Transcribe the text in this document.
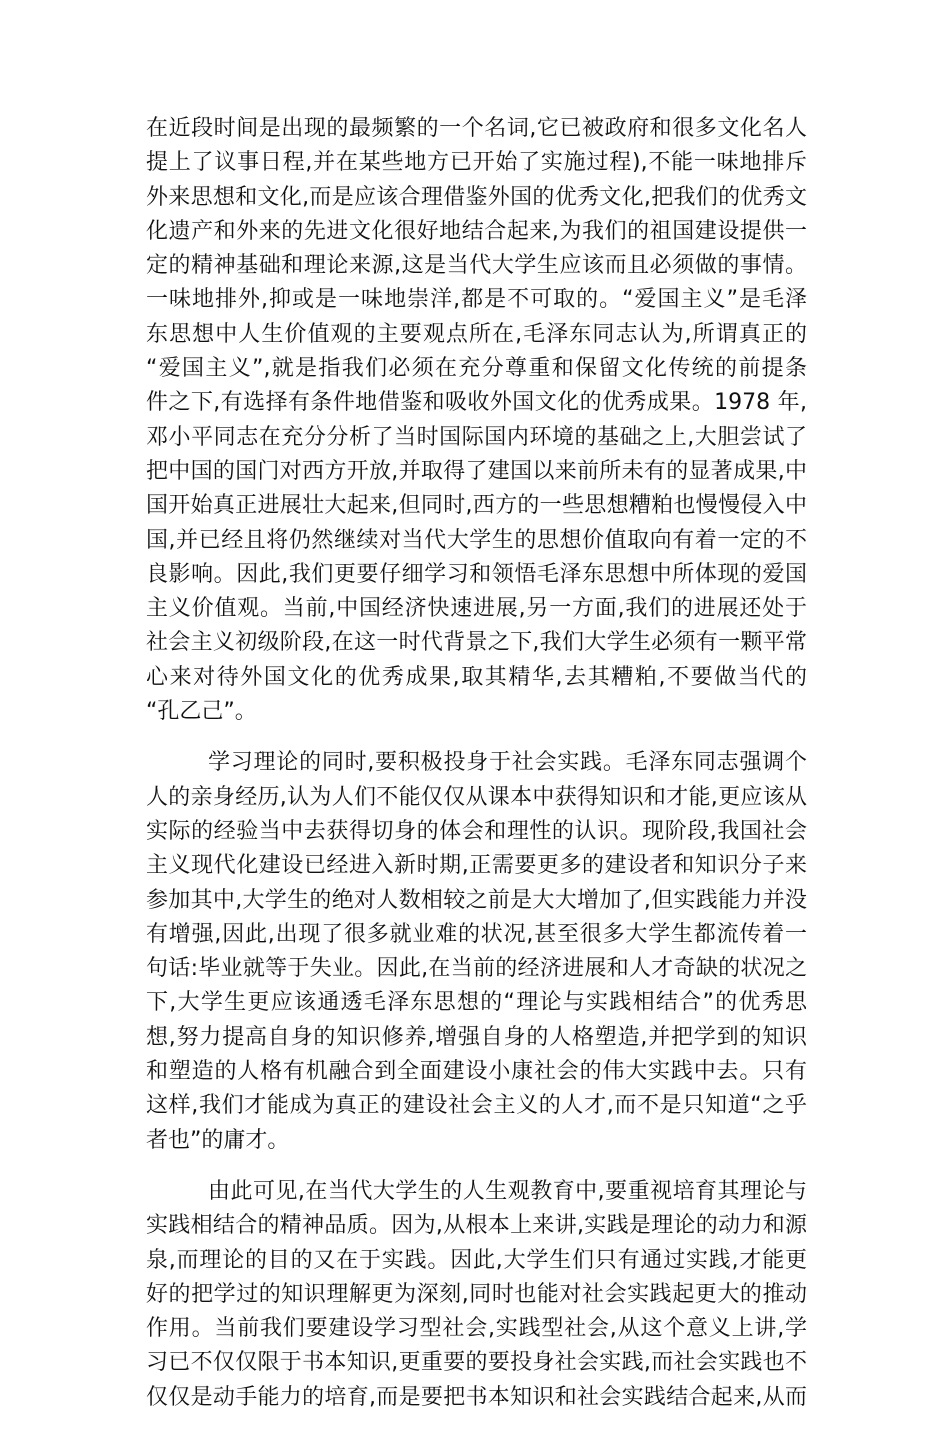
在近段时间是出现的最频繁的一个名词,它已被政府和很多文化名人
提上了议事日程,并在某些地方已开始了实施过程),不能一味地排斥
外来思想和文化,而是应该合理借鉴外国的优秀文化,把我们的优秀文
化遗产和外来的先进文化很好地结合起来,为我们的祖国建设提供一
定的精神基础和理论来源,这是当代大学生应该而且必须做的事情。
一味地排外,抑或是一味地崇洋,都是不可取的。“爱国主义”是毛泽
东思想中人生价值观的主要观点所在,毛泽东同志认为,所谓真正的
“爱国主义”,就是指我们必须在充分尊重和保留文化传统的前提条
件之下,有选择有条件地借鉴和吸收外国文化的优秀成果。1978 年,
邓小平同志在充分分析了当时国际国内环境的基础之上,大胆尝试了
把中国的国门对西方开放,并取得了建国以来前所未有的显著成果,中
国开始真正进展壮大起来,但同时,西方的一些思想糟粕也慢慢侵入中
国,并已经且将仍然继续对当代大学生的思想价值取向有着一定的不
良影响。因此,我们更要仔细学习和领悟毛泽东思想中所体现的爱国
主义价值观。当前,中国经济快速进展,另一方面,我们的进展还处于
社会主义初级阶段,在这一时代背景之下,我们大学生必须有一颗平常
心来对待外国文化的优秀成果,取其精华,去其糟粕,不要做当代的
“孔乙己”。
学习理论的同时,要积极投身于社会实践。毛泽东同志强调个
人的亲身经历,认为人们不能仅仅从课本中获得知识和才能,更应该从
实际的经验当中去获得切身的体会和理性的认识。现阶段,我国社会
主义现代化建设已经进入新时期,正需要更多的建设者和知识分子来
参加其中,大学生的绝对人数相较之前是大大增加了,但实践能力并没
有增强,因此,出现了很多就业难的状况,甚至很多大学生都流传着一
句话:毕业就等于失业。因此,在当前的经济进展和人才奇缺的状况之
下,大学生更应该通透毛泽东思想的“理论与实践相结合”的优秀思
想,努力提高自身的知识修养,增强自身的人格塑造,并把学到的知识
和塑造的人格有机融合到全面建设小康社会的伟大实践中去。只有
这样,我们才能成为真正的建设社会主义的人才,而不是只知道“之乎
者也”的庸才。
由此可见,在当代大学生的人生观教育中,要重视培育其理论与
实践相结合的精神品质。因为,从根本上来讲,实践是理论的动力和源
泉,而理论的目的又在于实践。因此,大学生们只有通过实践,才能更
好的把学过的知识理解更为深刻,同时也能对社会实践起更大的推动
作用。当前我们要建设学习型社会,实践型社会,从这个意义上讲,学
习已不仅仅限于书本知识,更重要的要投身社会实践,而社会实践也不
仅仅是动手能力的培育,而是要把书本知识和社会实践结合起来,从而
